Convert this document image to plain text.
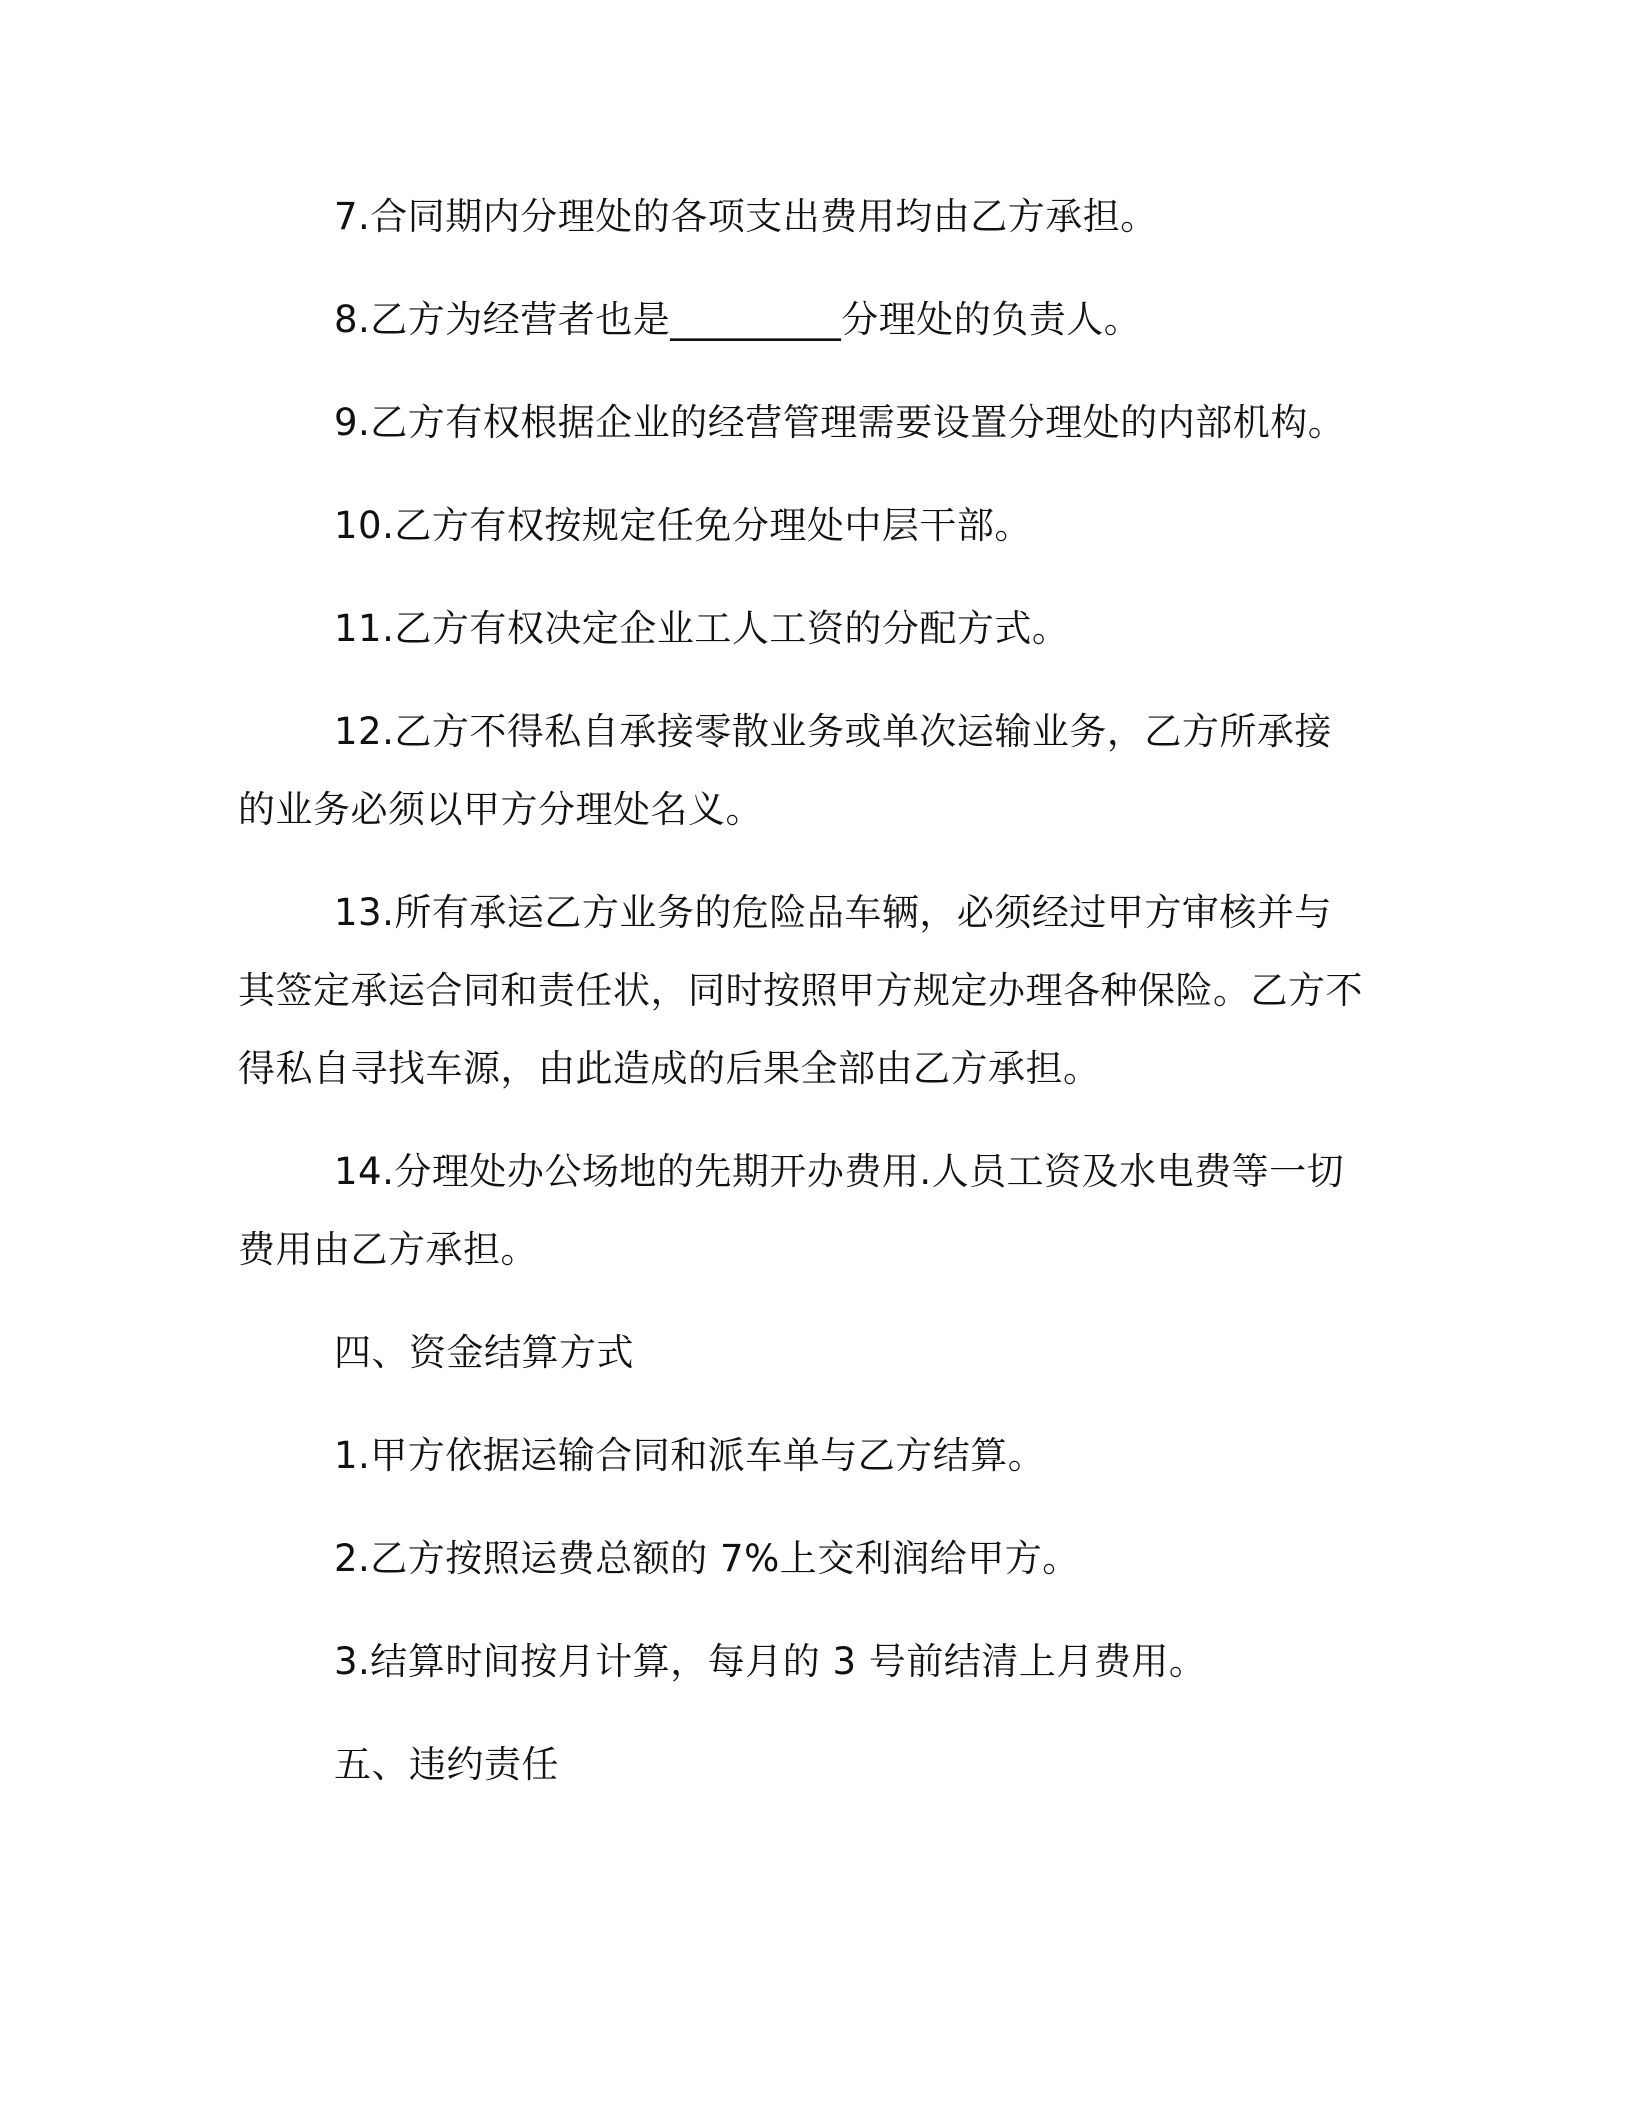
7.合同期内分理处的各项支出费用均由乙方承担。

8.乙方为经营者也是_________分理处的负责人。

9.乙方有权根据企业的经营管理需要设置分理处的内部机构。

10.乙方有权按规定任免分理处中层干部。

11.乙方有权决定企业工人工资的分配方式。

12.乙方不得私自承接零散业务或单次运输业务，乙方所承接的业务必须以甲方分理处名义。

13.所有承运乙方业务的危险品车辆，必须经过甲方审核并与其签定承运合同和责任状，同时按照甲方规定办理各种保险。乙方不得私自寻找车源，由此造成的后果全部由乙方承担。

14.分理处办公场地的先期开办费用.人员工资及水电费等一切费用由乙方承担。

四、资金结算方式

1.甲方依据运输合同和派车单与乙方结算。

2.乙方按照运费总额的 7%上交利润给甲方。

3.结算时间按月计算，每月的 3 号前结清上月费用。

五、违约责任
